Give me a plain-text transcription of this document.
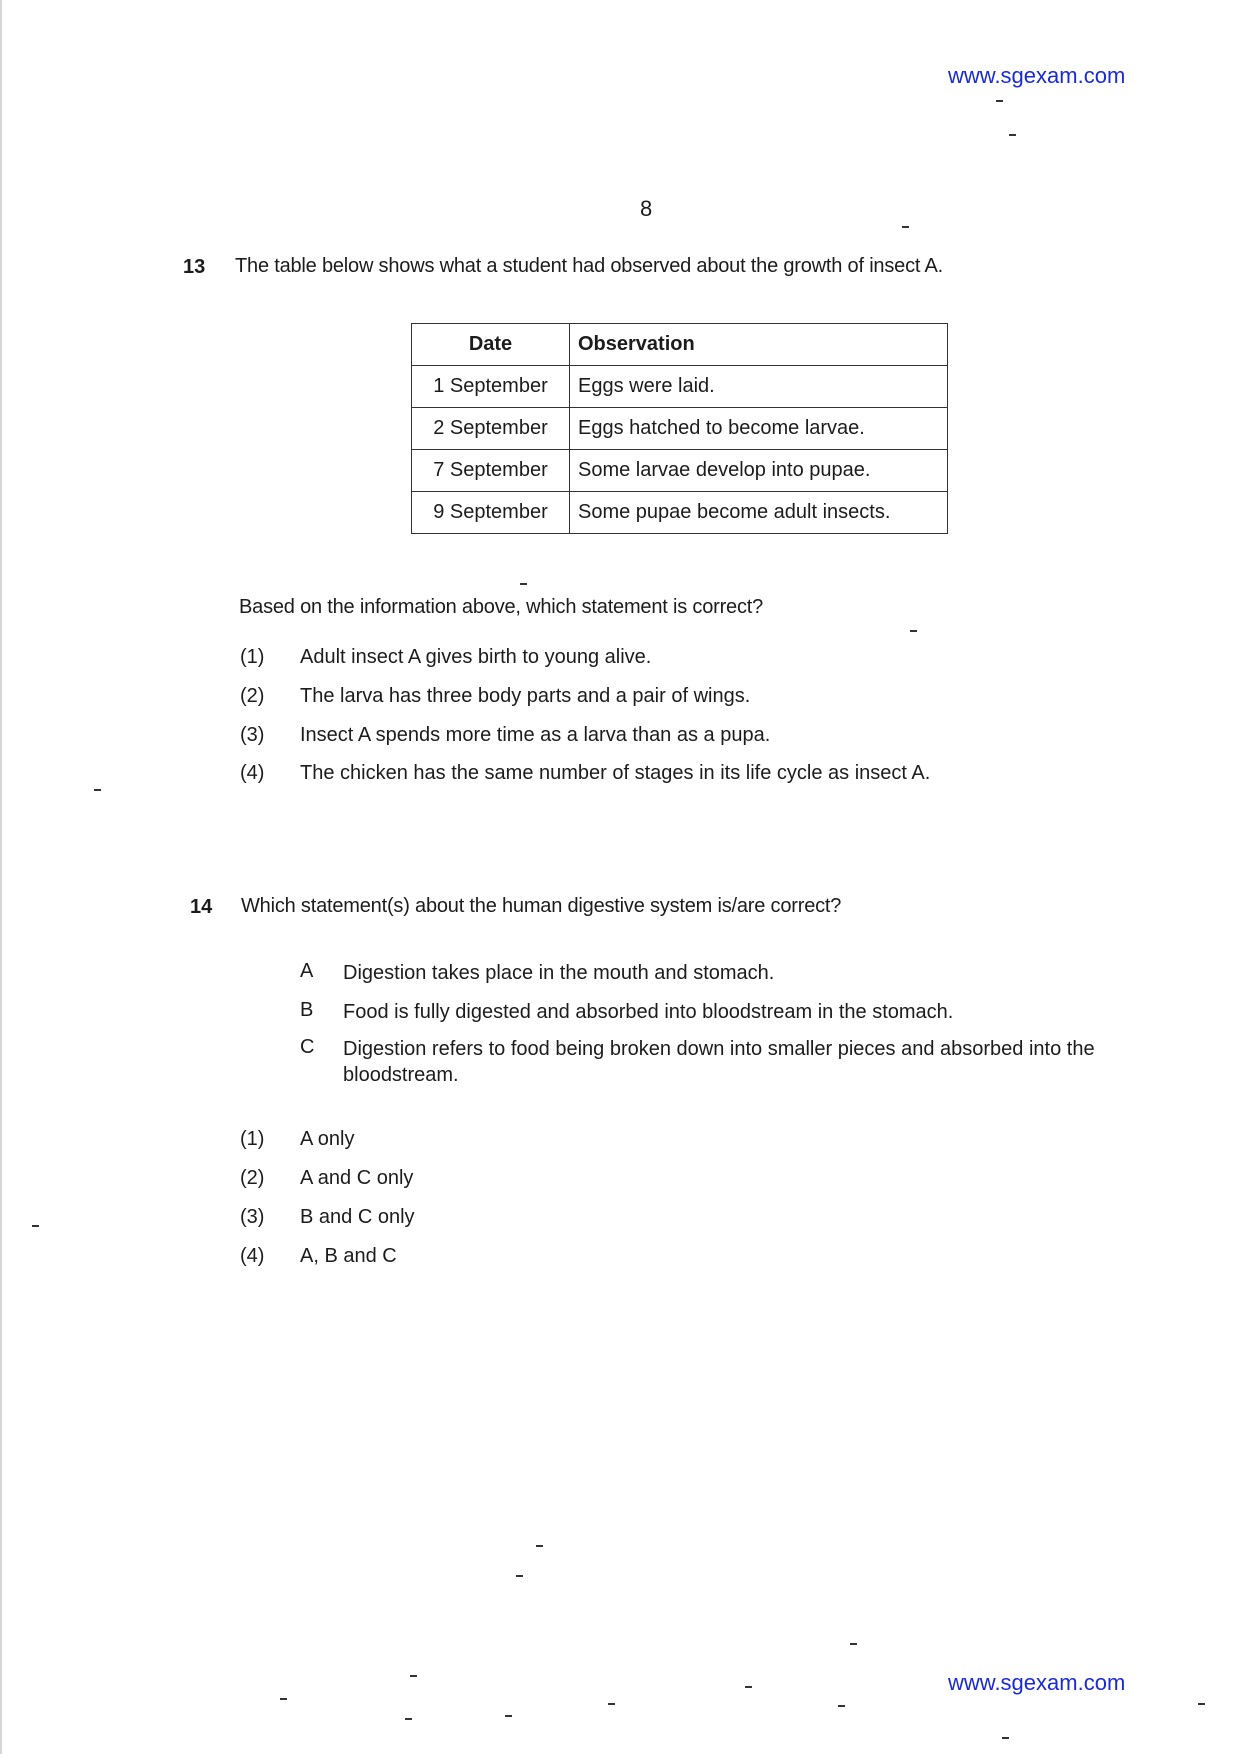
www.sgexam.com
8
13 The table below shows what a student had observed about the growth of insect A.
Date	Observation
1 September	Eggs were laid.
2 September	Eggs hatched to become larvae.
7 September	Some larvae develop into pupae.
9 September	Some pupae become adult insects.
Based on the information above, which statement is correct?
(1)	Adult insect A gives birth to young alive.
(2)	The larva has three body parts and a pair of wings.
(3)	Insect A spends more time as a larva than as a pupa.
(4)	The chicken has the same number of stages in its life cycle as insect A.
14 Which statement(s) about the human digestive system is/are correct?
A	Digestion takes place in the mouth and stomach.
B	Food is fully digested and absorbed into bloodstream in the stomach.
C	Digestion refers to food being broken down into smaller pieces and absorbed into the bloodstream.
(1)	A only
(2)	A and C only
(3)	B and C only
(4)	A, B and C
www.sgexam.com
